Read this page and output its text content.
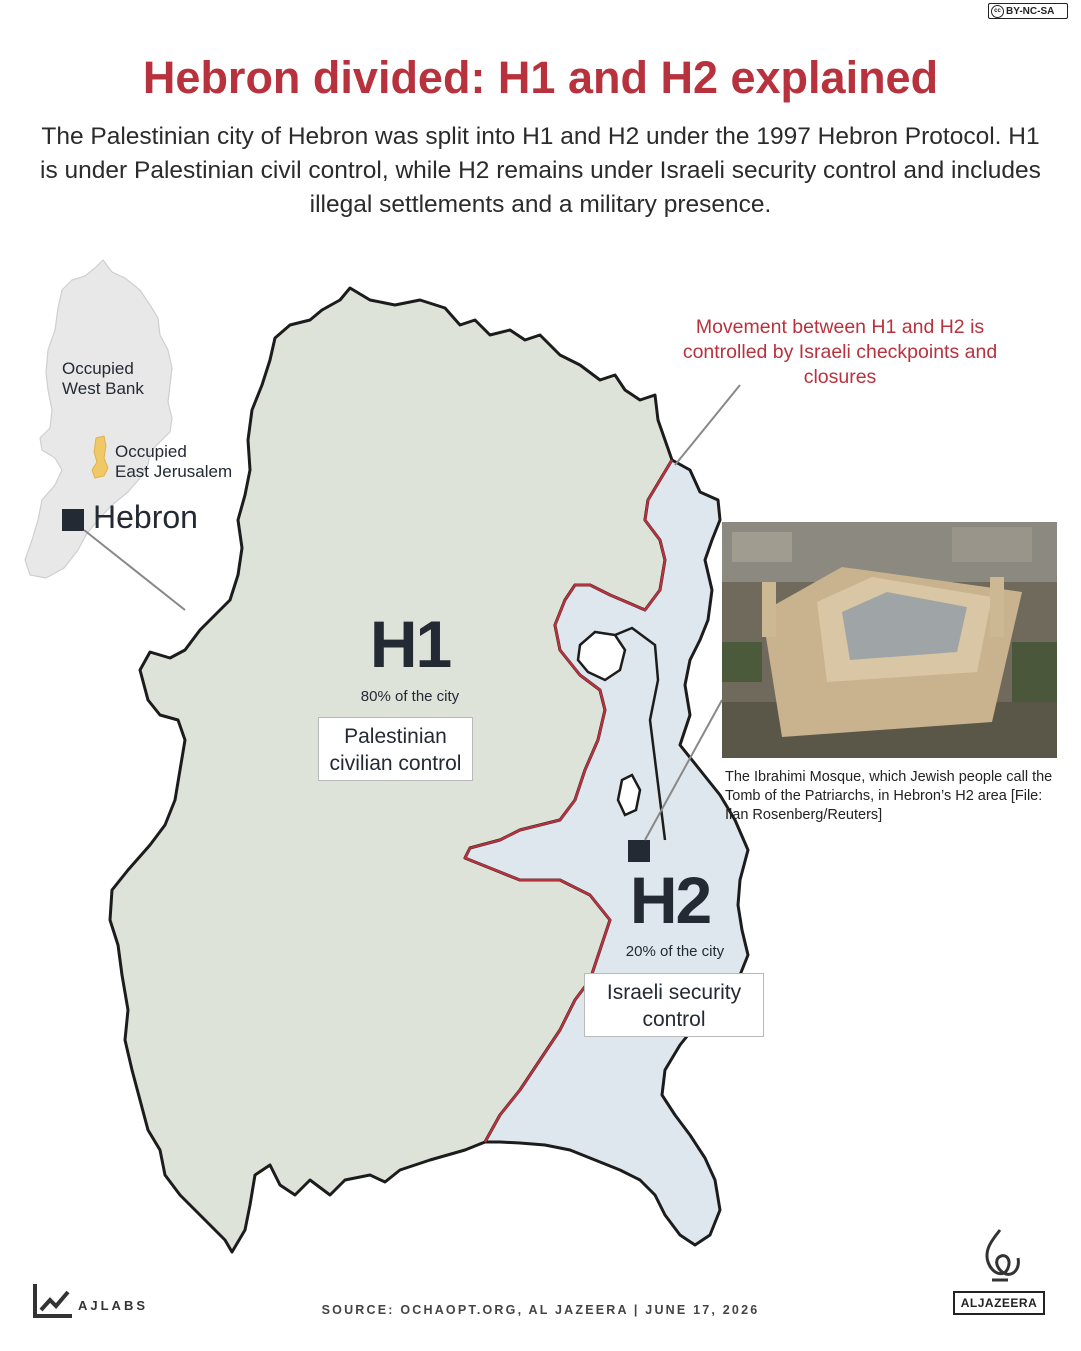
cc BY-NC-SA
Hebron divided: H1 and H2 explained
The Palestinian city of Hebron was split into H1 and H2 under the 1997 Hebron Protocol. H1 is under Palestinian civil control, while H2 remains under Israeli security control and includes illegal settlements and a military presence.
Occupied
West Bank
Occupied
East Jerusalem
Hebron
H1
80% of the city
Palestinian civilian control
H2
20% of the city
Israeli security control
Movement between H1 and H2 is controlled by Israeli checkpoints and closures
The Ibrahimi Mosque, which Jewish people call the Tomb of the Patriarchs, in Hebron’s H2 area [File: Ilan Rosenberg/Reuters]
AJLABS	SOURCE: OCHAOPT.ORG, AL JAZEERA | JUNE 17, 2026	ALJAZEERA
